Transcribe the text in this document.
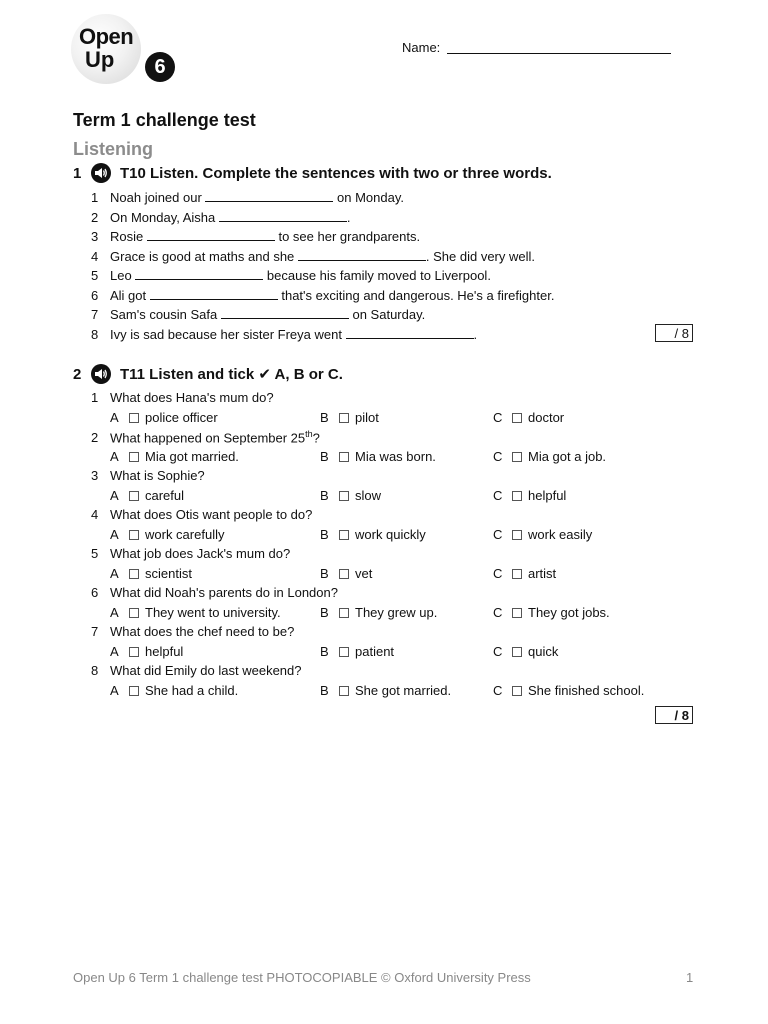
Open
Up	6
Name:
Term 1 challenge test
Listening
1	T10 Listen. Complete the sentences with two or three words.
1 Noah joined our	on Monday.
2 On Monday, Aisha	.
3 Rosie	to see her grandparents.
4 Grace is good at maths and she	. She did very well.
5 Leo	because his family moved to Liverpool.
6 Ali got	that's exciting and dangerous. He's a firefighter.
7 Sam's cousin Safa	on Saturday.
8 Ivy is sad because her sister Freya went	.	/ 8
2	T11 Listen and tick ✔ A, B or C.
1 What does Hana's mum do?
A	police officer	B	pilot	C	doctor
2 What happened on September 25th?
A	Mia got married.	B	Mia was born.	C	Mia got a job.
3 What is Sophie?
A	careful	B	slow	C	helpful
4 What does Otis want people to do?
A	work carefully	B	work quickly	C	work easily
5 What job does Jack's mum do?
A	scientist	B	vet	C	artist
6 What did Noah's parents do in London?
A	They went to university.	B	They grew up.	C	They got jobs.
7 What does the chef need to be?
A	helpful	B	patient	C	quick
8 What did Emily do last weekend?
A	She had a child.	B	She got married.	C	She finished school.
/ 8
Open Up 6 Term 1 challenge test PHOTOCOPIABLE © Oxford University Press	1
